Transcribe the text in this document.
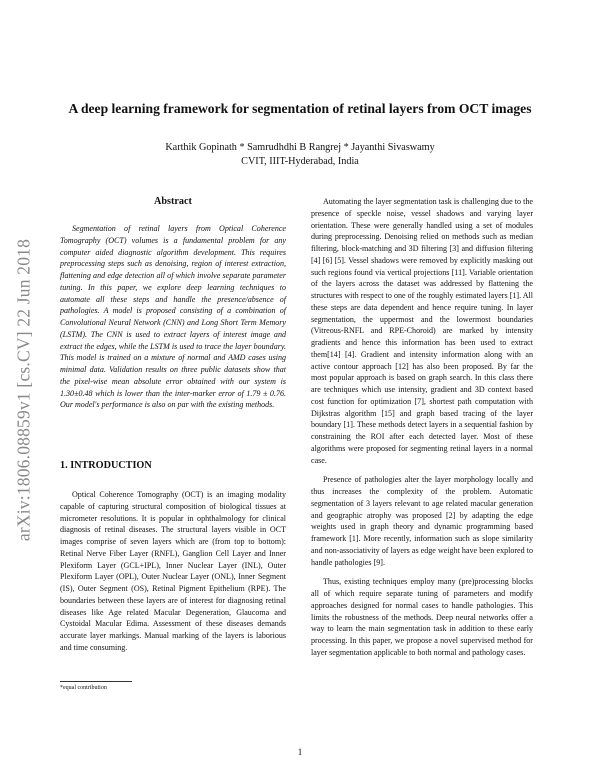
arXiv:1806.08859v1 [cs.CV] 22 Jun 2018
A deep learning framework for segmentation of retinal layers from OCT images
Karthik Gopinath * Samrudhdhi B Rangrej * Jayanthi Sivaswamy
CVIT, IIIT-Hyderabad, India
Abstract

Segmentation of retinal layers from Optical Coherence Tomography (OCT) volumes is a fundamental problem for any computer aided diagnostic algorithm development. This requires preprocessing steps such as denoising, region of interest extraction, flattening and edge detection all of which involve separate parameter tuning. In this paper, we explore deep learning techniques to automate all these steps and handle the presence/absence of pathologies. A model is proposed consisting of a combination of Convolutional Neural Network (CNN) and Long Short Term Memory (LSTM). The CNN is used to extract layers of interest image and extract the edges, while the LSTM is used to trace the layer boundary. This model is trained on a mixture of normal and AMD cases using minimal data. Validation results on three public datasets show that the pixel-wise mean absolute error obtained with our system is 1.30±0.48 which is lower than the inter-marker error of 1.79 ± 0.76. Our model's performance is also on par with the existing methods.

1. INTRODUCTION

Optical Coherence Tomography (OCT) is an imaging modality capable of capturing structural composition of biological tissues at micrometer resolutions. It is popular in ophthalmology for clinical diagnosis of retinal diseases. The structural layers visible in OCT images comprise of seven layers which are (from top to bottom): Retinal Nerve Fiber Layer (RNFL), Ganglion Cell Layer and Inner Plexiform Layer (GCL+IPL), Inner Nuclear Layer (INL), Outer Plexiform Layer (OPL), Outer Nuclear Layer (ONL), Inner Segment (IS), Outer Segment (OS), Retinal Pigment Epithelium (RPE). The boundaries between these layers are of interest for diagnosing retinal diseases like Age related Macular Degeneration, Glaucoma and Cystoidal Macular Edima. Assessment of these diseases demands accurate layer markings. Manual marking of the layers is laborious and time consuming.

*equal contribution

Automating the layer segmentation task is challenging due to the presence of speckle noise, vessel shadows and varying layer orientation. These were generally handled using a set of modules during preprocessing. Denoising relied on methods such as median filtering, block-matching and 3D filtering [3] and diffusion filtering [4] [6] [5]. Vessel shadows were removed by explicitly masking out such regions found via vertical projections [11]. Variable orientation of the layers across the dataset was addressed by flattening the structures with respect to one of the roughly estimated layers [1]. All these steps are data dependent and hence require tuning. In layer segmentation, the uppermost and the lowermost boundaries (Vitreous-RNFL and RPE-Choroid) are marked by intensity gradients and hence this information has been used to extract them[14] [4]. Gradient and intensity information along with an active contour approach [12] has also been proposed. By far the most popular approach is based on graph search. In this class there are techniques which use intensity, gradient and 3D context based cost function for optimization [7], shortest path computation with Dijkstras algorithm [15] and graph based tracing of the layer boundary [1]. These methods detect layers in a sequential fashion by constraining the ROI after each detected layer. Most of these algorithms were proposed for segmenting retinal layers in a normal case.

Presence of pathologies alter the layer morphology locally and thus increases the complexity of the problem. Automatic segmentation of 3 layers relevant to age related macular generation and geographic atrophy was proposed [2] by adapting the edge weights used in graph theory and dynamic programming based framework [1]. More recently, information such as slope similarity and non-associativity of layers as edge weight have been explored to handle pathologies [9].

Thus, existing techniques employ many (pre)processing blocks all of which require separate tuning of parameters and modify approaches designed for normal cases to handle pathologies. This limits the robustness of the methods. Deep neural networks offer a way to learn the main segmentation task in addition to these early processing. In this paper, we propose a novel supervised method for layer segmentation applicable to both normal and pathology cases.

1
